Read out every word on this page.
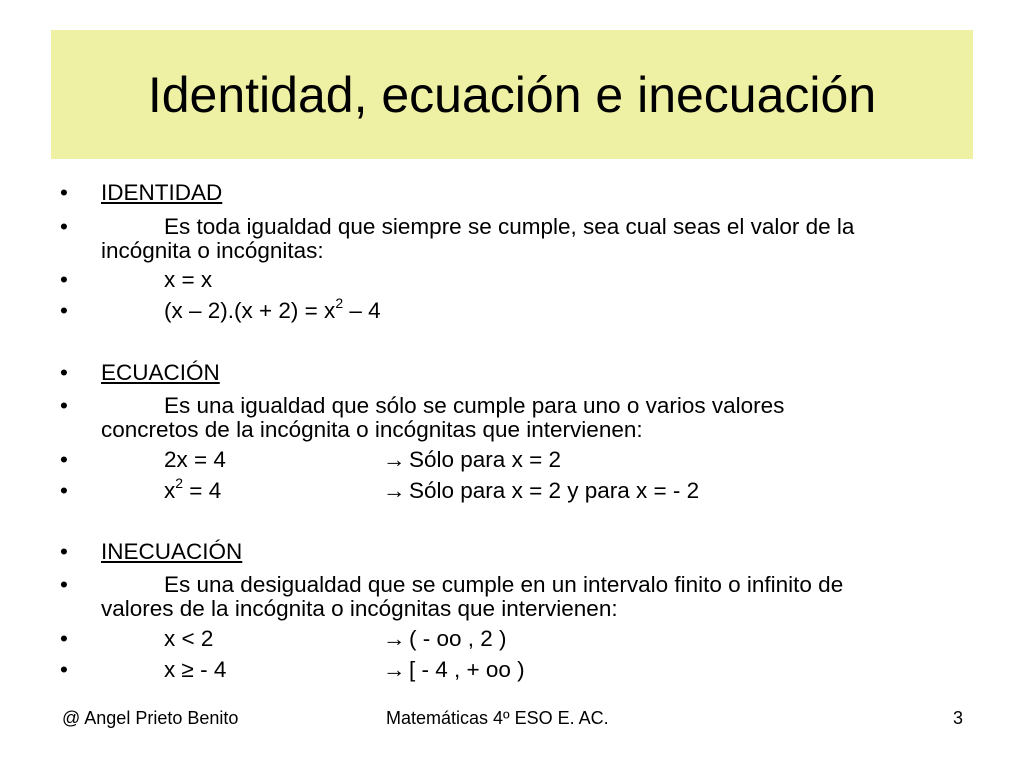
Identidad, ecuación e inecuación
• IDENTIDAD
•	Es toda igualdad que siempre se cumple, sea cual seas el valor de la
incógnita o incógnitas:
•	x = x
•	$(x - 2).(x + 2) = x^2 - 4$
• ECUACIÓN
•	Es una igualdad que sólo se cumple para uno o varios valores
concretos de la incógnita o incógnitas que intervienen:
•	2x = 4	→ Sólo para x = 2
•	$x^2 = 4$	→ Sólo para x = 2 y para x = - 2
• INECUACIÓN
•	Es una desigualdad que se cumple en un intervalo finito o infinito de
valores de la incógnita o incógnitas que intervienen:
•	x < 2	→ ( - oo , 2 )
•	x ≥ - 4	→ [ - 4 , + oo )
@ Angel Prieto Benito	Matemáticas 4º ESO E. AC.	3
